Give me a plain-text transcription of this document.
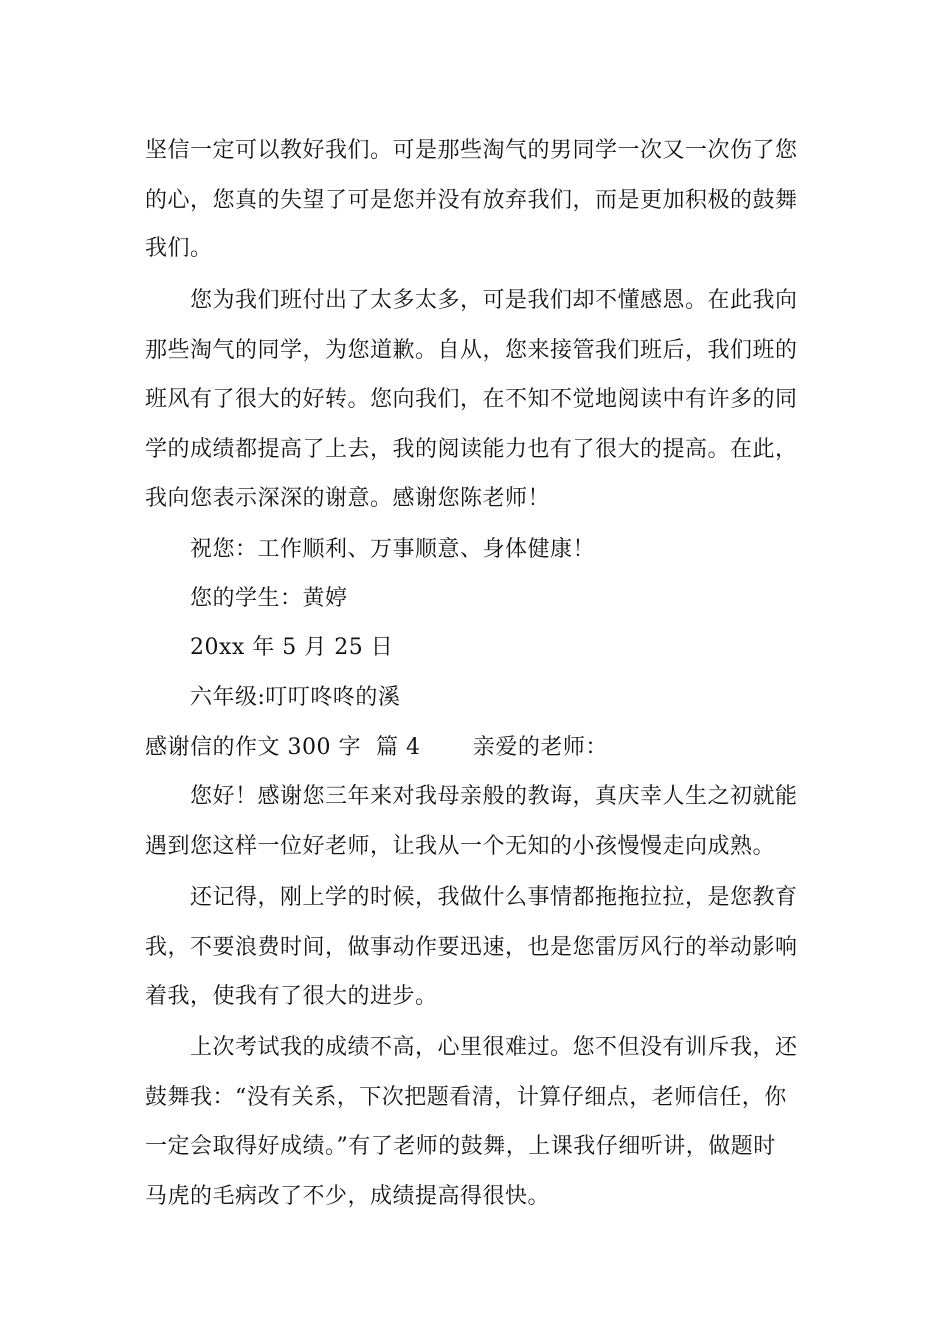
坚信一定可以教好我们。可是那些淘气的男同学一次又一次伤了您
的心，您真的失望了可是您并没有放弃我们，而是更加积极的鼓舞
我们。
您为我们班付出了太多太多，可是我们却不懂感恩。在此我向
那些淘气的同学，为您道歉。自从，您来接管我们班后，我们班的
班风有了很大的好转。您向我们，在不知不觉地阅读中有许多的同
学的成绩都提高了上去，我的阅读能力也有了很大的提高。在此，
我向您表示深深的谢意。感谢您陈老师！
祝您：工作顺利、万事顺意、身体健康！
您的学生：黄婷
20xx 年 5 月 25 日
六年级:叮叮咚咚的溪
感谢信的作文 300 字  篇 4       亲爱的老师：
您好！感谢您三年来对我母亲般的教诲，真庆幸人生之初就能
遇到您这样一位好老师，让我从一个无知的小孩慢慢走向成熟。
还记得，刚上学的时候，我做什么事情都拖拖拉拉，是您教育
我，不要浪费时间，做事动作要迅速，也是您雷厉风行的举动影响
着我，使我有了很大的进步。
上次考试我的成绩不高，心里很难过。您不但没有训斥我，还
鼓舞我：“没有关系，下次把题看清，计算仔细点，老师信任，你
一定会取得好成绩。”有了老师的鼓舞，上课我仔细听讲，做题时
马虎的毛病改了不少，成绩提高得很快。
